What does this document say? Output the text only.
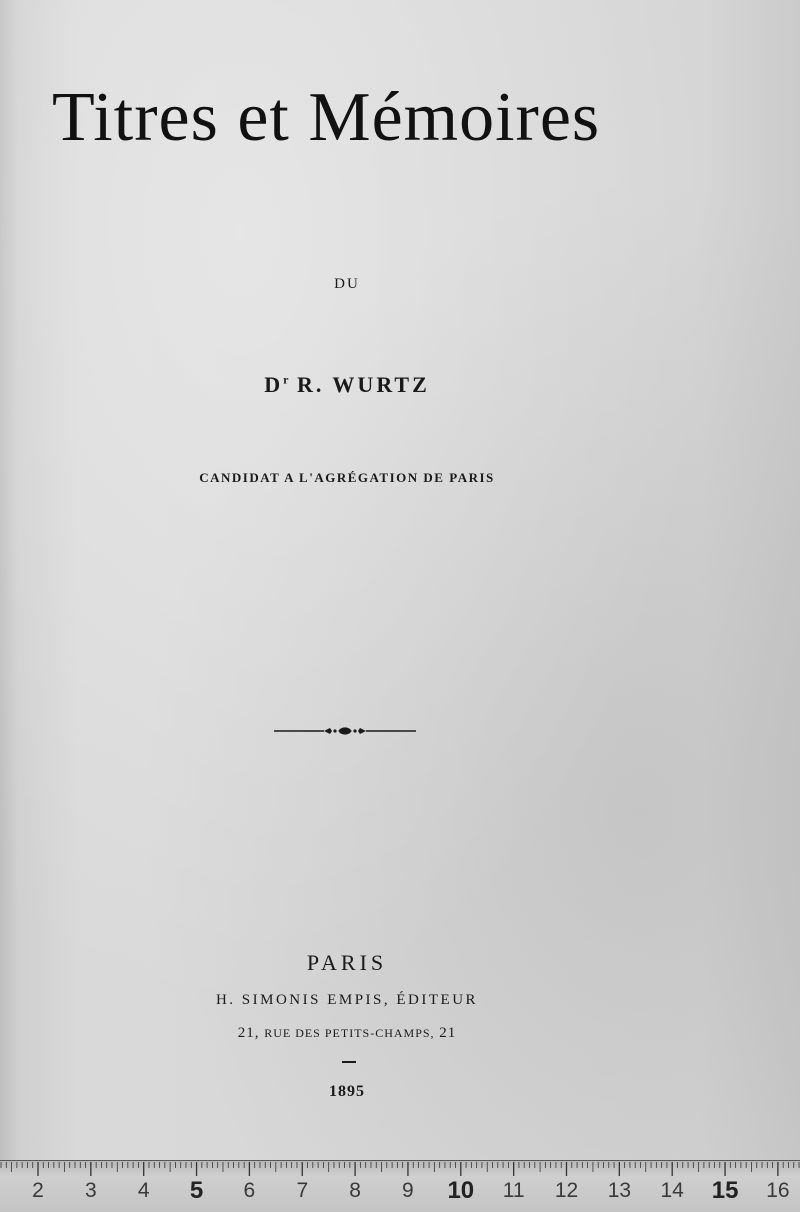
Titres et Mémoires
DU
$D^r$ R. WURTZ
CANDIDAT A L'AGRÉGATION DE PARIS
PARIS
H. SIMONIS EMPIS, ÉDITEUR
21, RUE DES PETITS-CHAMPS, 21
1895
2 3 4 5 6 7 8 9 10 11 12 13 14 15 16
